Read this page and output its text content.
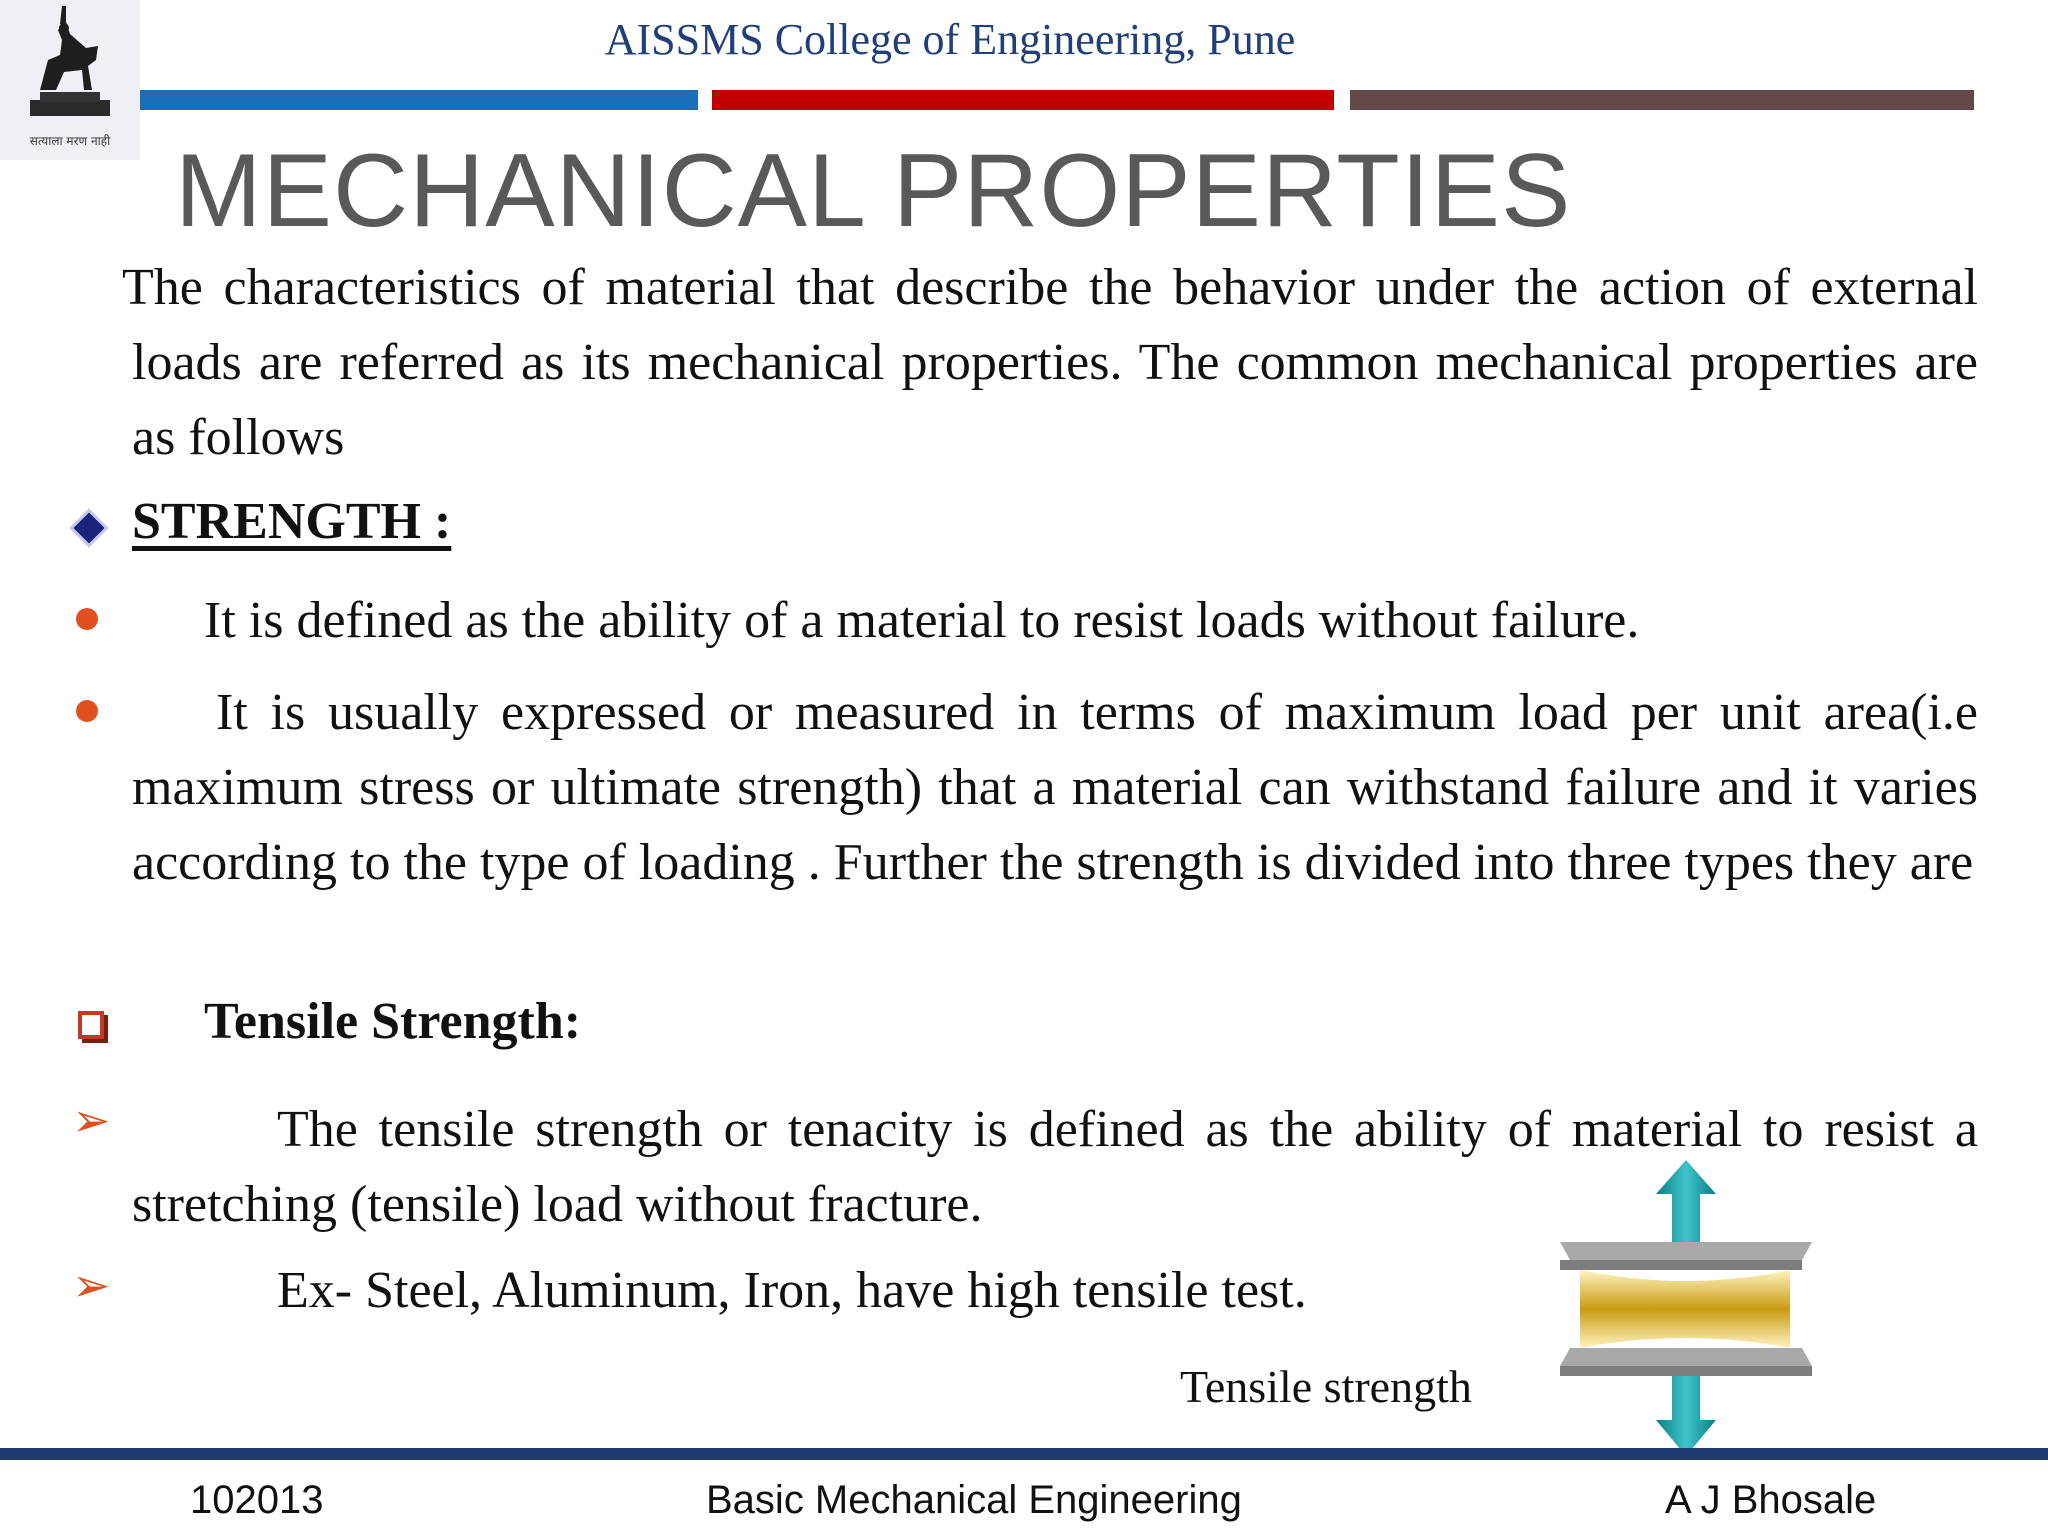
सत्याला मरण नाही
AISSMS College of Engineering, Pune
MECHANICAL PROPERTIES

The characteristics of material that describe the behavior under the action of external loads are referred as its mechanical properties. The common mechanical properties are as follows

STRENGTH :

It is defined as the ability of a material to resist loads without failure.

It is usually expressed or measured in terms of maximum load per unit area(i.e maximum stress or ultimate strength) that a material can withstand failure and it varies according to the type of loading . Further the strength is divided into three types they are

Tensile Strength:
➢	The tensile strength or tenacity is defined as the ability of material to resist a stretching (tensile) load without fracture.

➢	Ex- Steel, Aluminum, Iron, have high tensile test.

Tensile strength
102013	Basic Mechanical Engineering	A J Bhosale
